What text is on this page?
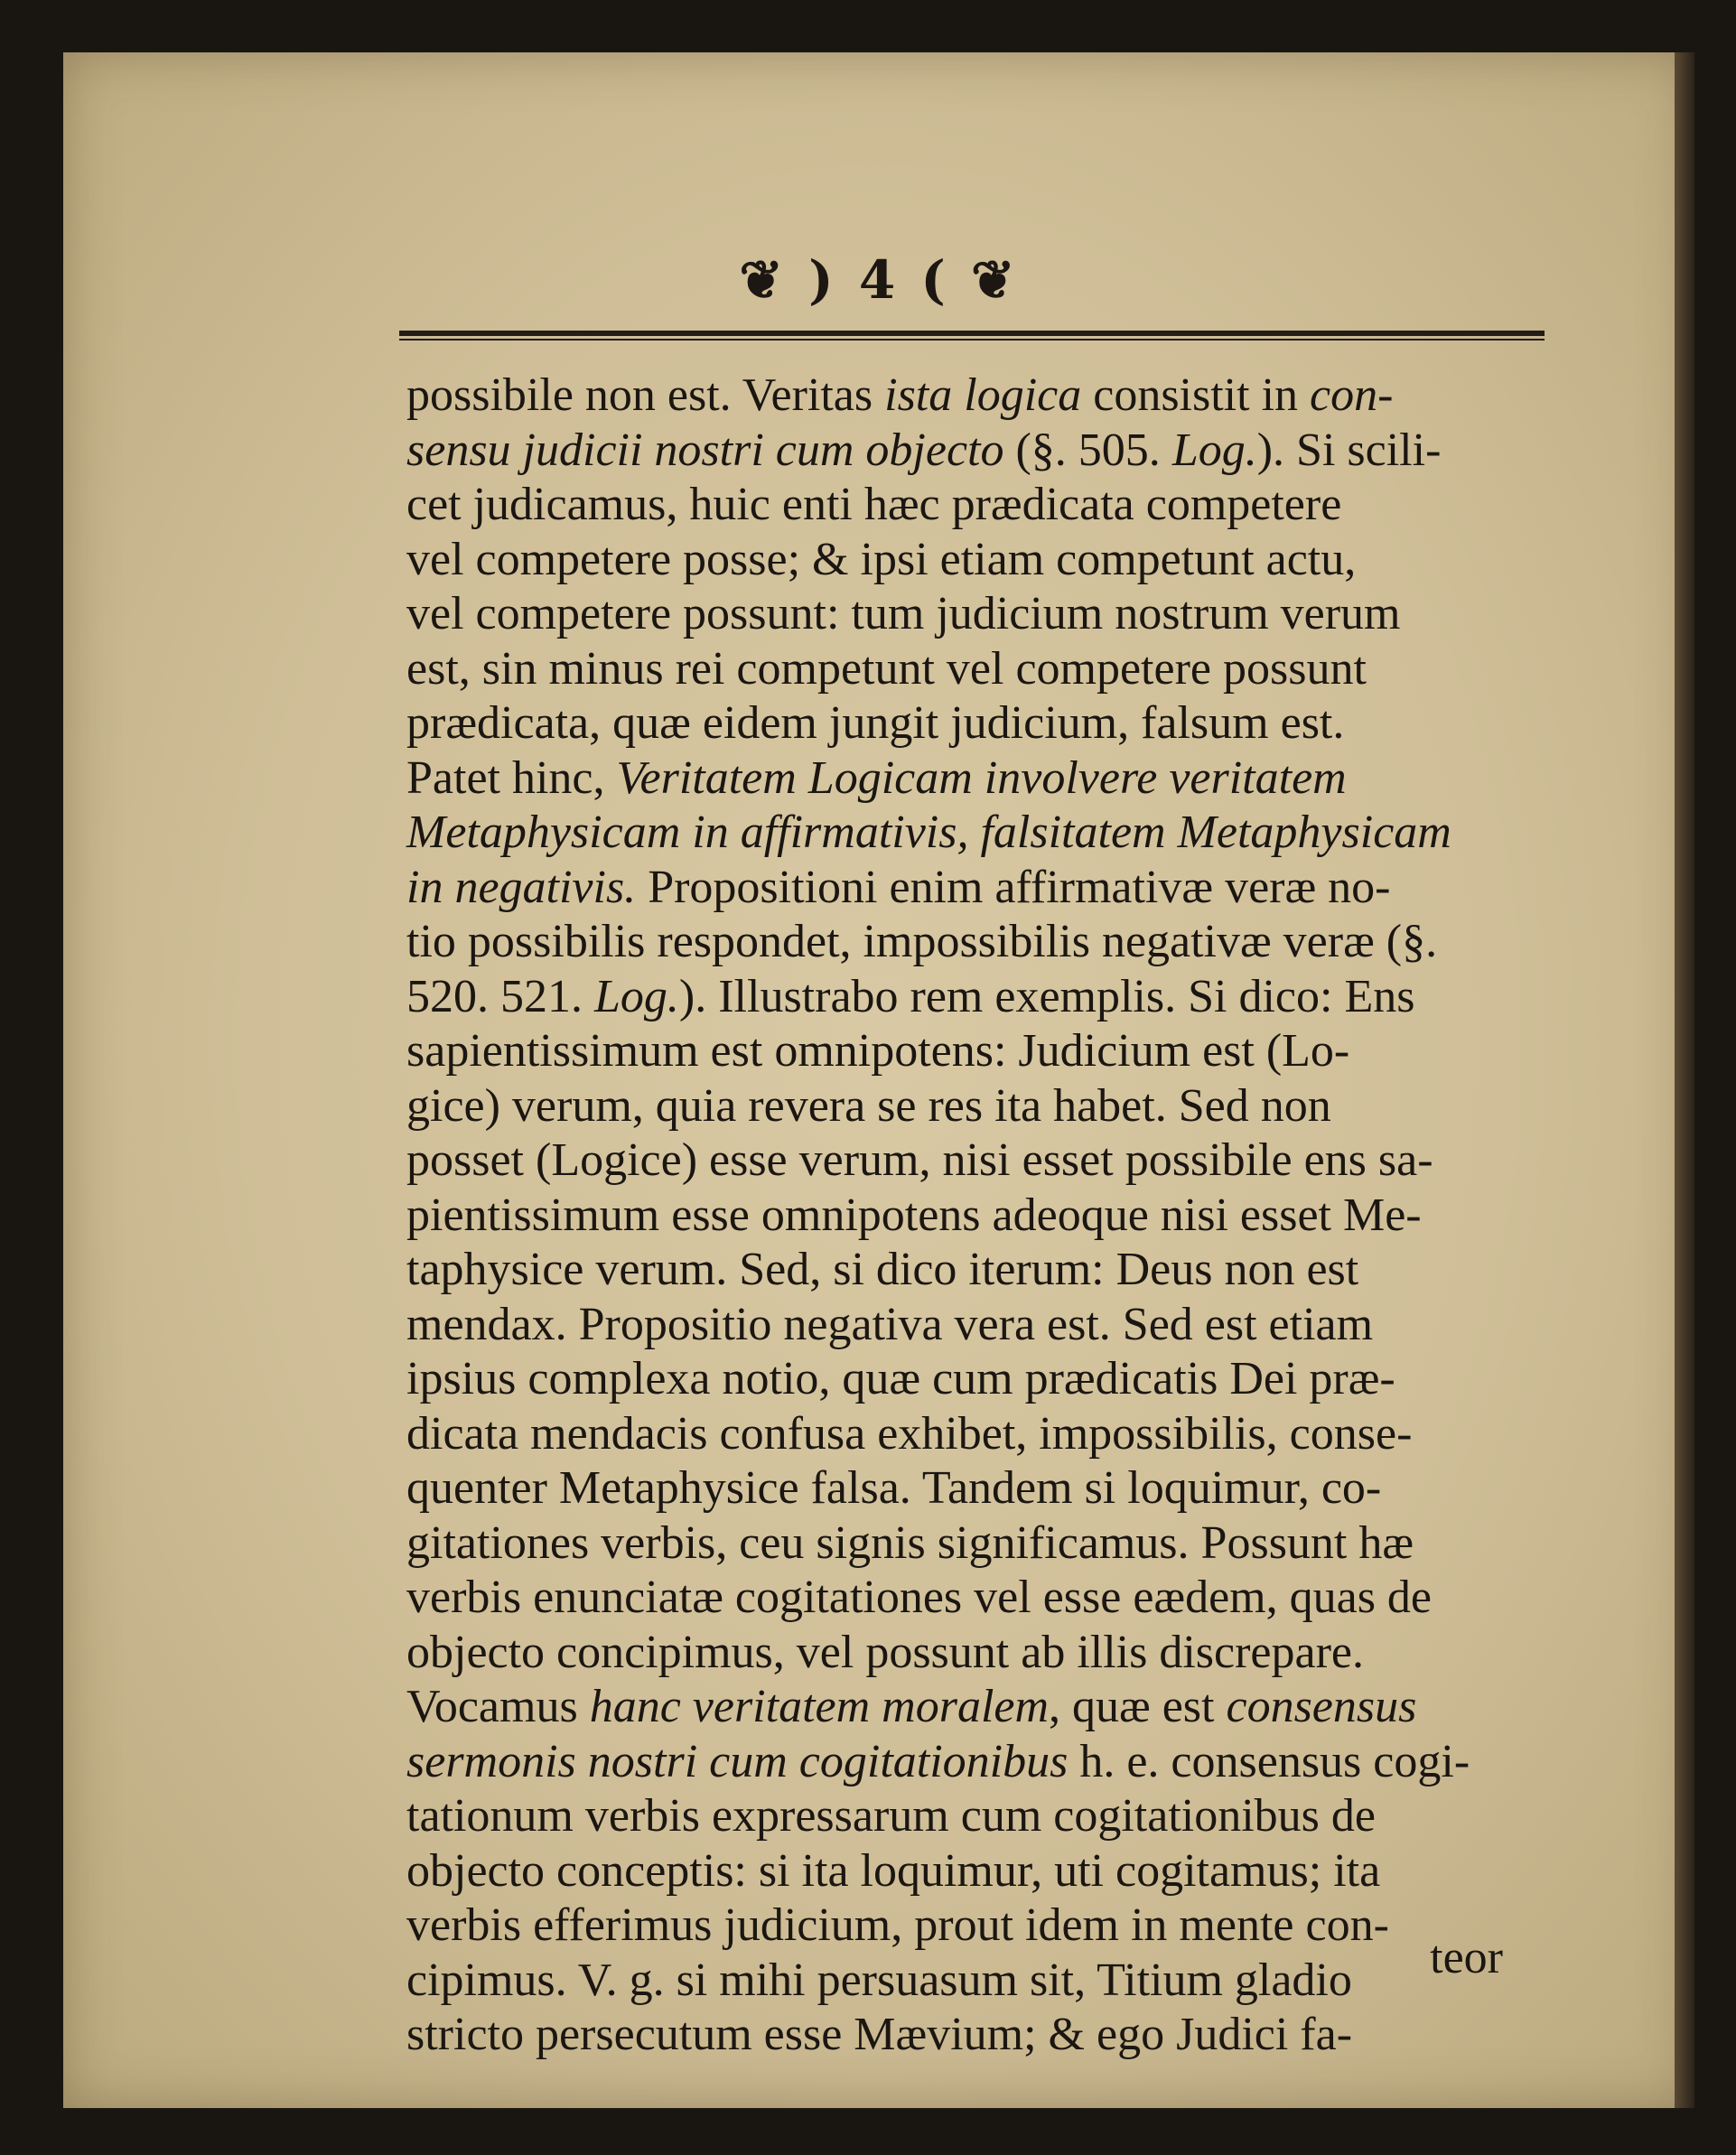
❦ ) 4 ( ❦
possibile non est. Veritas ista logica consistit in con-
sensu judicii nostri cum objecto (§. 505. Log.). Si scili-
cet judicamus, huic enti hæc prædicata competere
vel competere posse; & ipsi etiam competunt actu,
vel competere possunt: tum judicium nostrum verum
est, sin minus rei competunt vel competere possunt
prædicata, quæ eidem jungit judicium, falsum est.
Patet hinc, Veritatem Logicam involvere veritatem
Metaphysicam in affirmativis, falsitatem Metaphysicam
in negativis. Propositioni enim affirmativæ veræ no-
tio possibilis respondet, impossibilis negativæ veræ (§.
520. 521. Log.). Illustrabo rem exemplis. Si dico: Ens
sapientissimum est omnipotens: Judicium est (Lo-
gice) verum, quia revera se res ita habet. Sed non
posset (Logice) esse verum, nisi esset possibile ens sa-
pientissimum esse omnipotens adeoque nisi esset Me-
taphysice verum. Sed, si dico iterum: Deus non est
mendax. Propositio negativa vera est. Sed est etiam
ipsius complexa notio, quæ cum prædicatis Dei præ-
dicata mendacis confusa exhibet, impossibilis, conse-
quenter Metaphysice falsa. Tandem si loquimur, co-
gitationes verbis, ceu signis significamus. Possunt hæ
verbis enunciatæ cogitationes vel esse eædem, quas de
objecto concipimus, vel possunt ab illis discrepare.
Vocamus hanc veritatem moralem, quæ est consensus
sermonis nostri cum cogitationibus h. e. consensus cogi-
tationum verbis expressarum cum cogitationibus de
objecto conceptis: si ita loquimur, uti cogitamus; ita
verbis efferimus judicium, prout idem in mente con-
cipimus. V. g. si mihi persuasum sit, Titium gladio
stricto persecutum esse Mævium; & ego Judici fa-
teor
